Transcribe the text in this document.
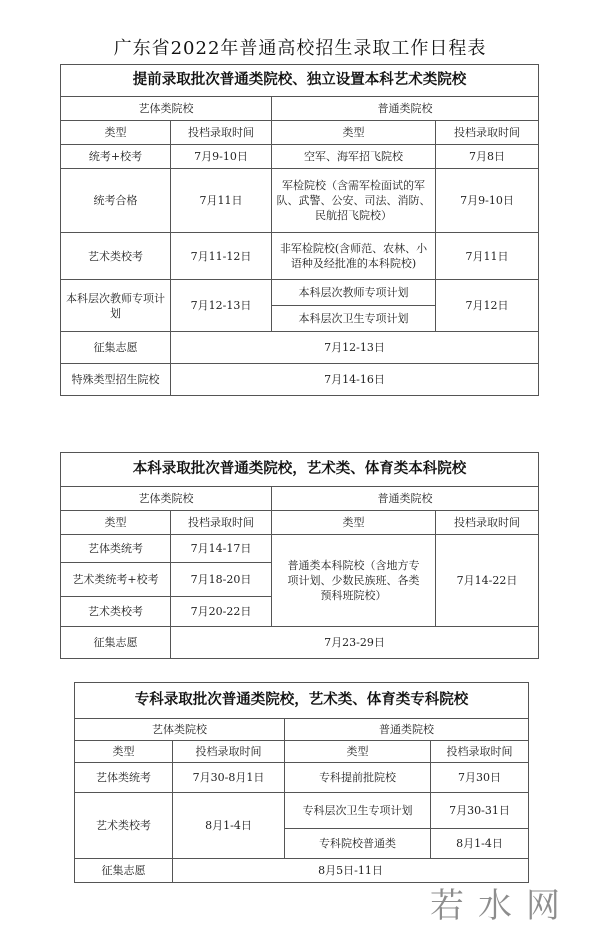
广东省2022年普通高校招生录取工作日程表
提前录取批次普通类院校、独立设置本科艺术类院校			
艺体类院校		普通类院校	
类型	投档录取时间	类型	投档录取时间
统考+校考	7月9-10日	空军、海军招飞院校	7月8日
统考合格	7月11日	军检院校（含需军检面试的军队、武警、公安、司法、消防、民航招飞院校）	7月9-10日
艺术类校考	7月11-12日	非军检院校(含师范、农林、小语种及经批准的本科院校)	7月11日
本科层次教师专项计划	7月12-13日	本科层次教师专项计划	7月12日
		本科层次卫生专项计划	
征集志愿	7月12-13日		
特殊类型招生院校	7月14-16日		
本科录取批次普通类院校，艺术类、体育类本科院校			
艺体类院校		普通类院校	
类型	投档录取时间	类型	投档录取时间
艺体类统考	7月14-17日	普通类本科院校（含地方专项计划、少数民族班、各类预科班院校）	7月14-22日
艺术类统考+校考	7月18-20日		
艺术类校考	7月20-22日		
征集志愿	7月23-29日		
专科录取批次普通类院校，艺术类、体育类专科院校			
艺体类院校		普通类院校	
类型	投档录取时间	类型	投档录取时间
艺体类统考	7月30-8月1日	专科提前批院校	7月30日
艺术类校考	8月1-4日	专科层次卫生专项计划	7月30-31日
		专科院校普通类	8月1-4日
征集志愿	8月5日-11日		
若水网
